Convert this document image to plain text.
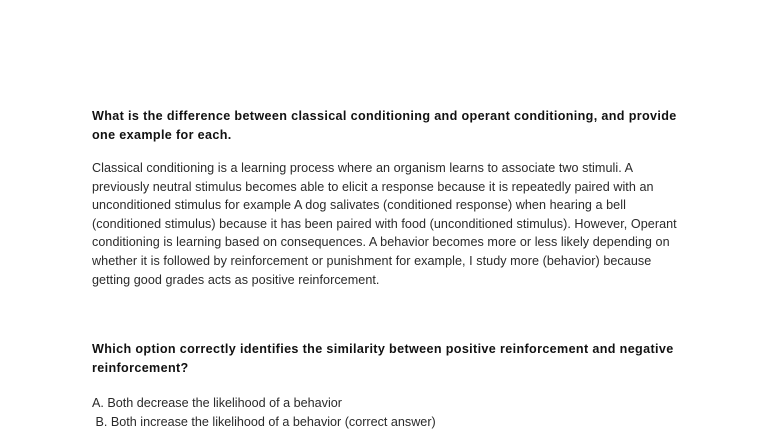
What is the difference between classical conditioning and operant conditioning, and provide one example for each.

Classical conditioning is a learning process where an organism learns to associate two stimuli. A previously neutral stimulus becomes able to elicit a response because it is repeatedly paired with an unconditioned stimulus for example A dog salivates (conditioned response) when hearing a bell (conditioned stimulus) because it has been paired with food (unconditioned stimulus). However, Operant conditioning is learning based on consequences. A behavior becomes more or less likely depending on whether it is followed by reinforcement or punishment for example, I study more (behavior) because getting good grades acts as positive reinforcement.

Which option correctly identifies the similarity between positive reinforcement and negative reinforcement?

A. Both decrease the likelihood of a behavior
B. Both increase the likelihood of a behavior (correct answer)
